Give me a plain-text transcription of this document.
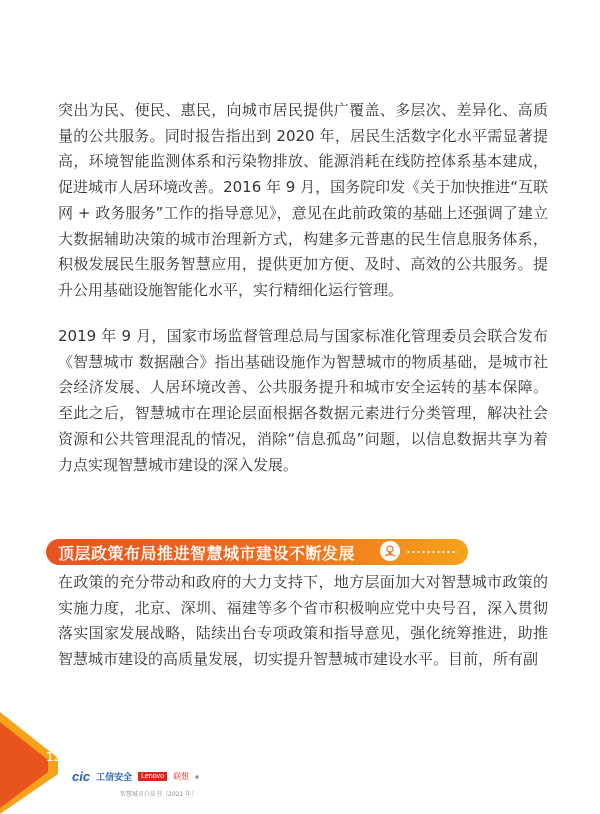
突出为民、便民、惠民，向城市居民提供广覆盖、多层次、差异化、高质量的公共服务。同时报告指出到 2020 年，居民生活数字化水平需显著提高，环境智能监测体系和污染物排放、能源消耗在线防控体系基本建成，促进城市人居环境改善。2016 年 9 月，国务院印发《关于加快推进“互联网 + 政务服务”工作的指导意见》，意见在此前政策的基础上还强调了建立大数据辅助决策的城市治理新方式，构建多元普惠的民生信息服务体系，积极发展民生服务智慧应用，提供更加方便、及时、高效的公共服务。提升公用基础设施智能化水平，实行精细化运行管理。

2019 年 9 月，国家市场监督管理总局与国家标准化管理委员会联合发布《智慧城市 数据融合》指出基础设施作为智慧城市的物质基础，是城市社会经济发展、人居环境改善、公共服务提升和城市安全运转的基本保障。至此之后，智慧城市在理论层面根据各数据元素进行分类管理，解决社会资源和公共管理混乱的情况，消除“信息孤岛”问题，以信息数据共享为着力点实现智慧城市建设的深入发展。

顶层政策布局推进智慧城市建设不断发展

在政策的充分带动和政府的大力支持下，地方层面加大对智慧城市政策的实施力度，北京、深圳、福建等多个省市积极响应党中央号召，深入贯彻落实国家发展战略，陆续出台专项政策和指导意见，强化统筹推进，助推智慧城市建设的高质量发展，切实提升智慧城市建设水平。目前，所有副

12
cic 工信安全	Lenovo	联想 ▦
智慧城市白皮书（2021 年）
